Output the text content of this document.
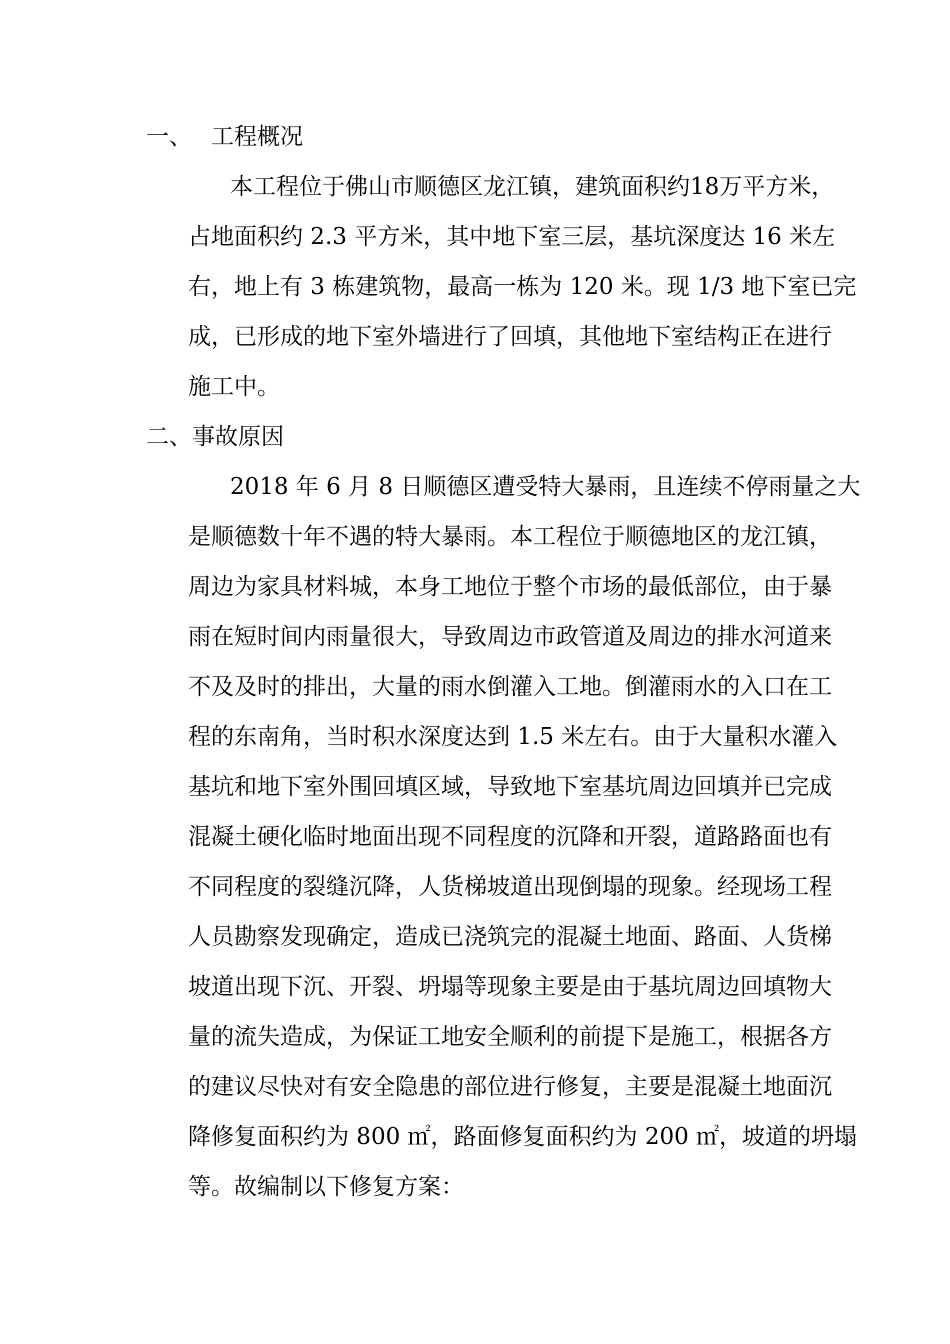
一、 工程概况
本工程位于佛山市顺德区龙江镇，建筑面积约18万平方米，
占地面积约 2.3 平方米，其中地下室三层，基坑深度达 16 米左
右，地上有 3 栋建筑物，最高一栋为 120 米。现 1/3 地下室已完
成，已形成的地下室外墙进行了回填，其他地下室结构正在进行
施工中。
二、事故原因
2018 年 6 月 8 日顺德区遭受特大暴雨，且连续不停雨量之大
是顺德数十年不遇的特大暴雨。本工程位于顺德地区的龙江镇，
周边为家具材料城，本身工地位于整个市场的最低部位，由于暴
雨在短时间内雨量很大，导致周边市政管道及周边的排水河道来
不及及时的排出，大量的雨水倒灌入工地。倒灌雨水的入口在工
程的东南角，当时积水深度达到 1.5 米左右。由于大量积水灌入
基坑和地下室外围回填区域，导致地下室基坑周边回填并已完成
混凝土硬化临时地面出现不同程度的沉降和开裂，道路路面也有
不同程度的裂缝沉降，人货梯坡道出现倒塌的现象。经现场工程
人员勘察发现确定，造成已浇筑完的混凝土地面、路面、人货梯
坡道出现下沉、开裂、坍塌等现象主要是由于基坑周边回填物大
量的流失造成，为保证工地安全顺利的前提下是施工，根据各方
的建议尽快对有安全隐患的部位进行修复，主要是混凝土地面沉
降修复面积约为 800 ㎡，路面修复面积约为 200 ㎡，坡道的坍塌
等。故编制以下修复方案：
